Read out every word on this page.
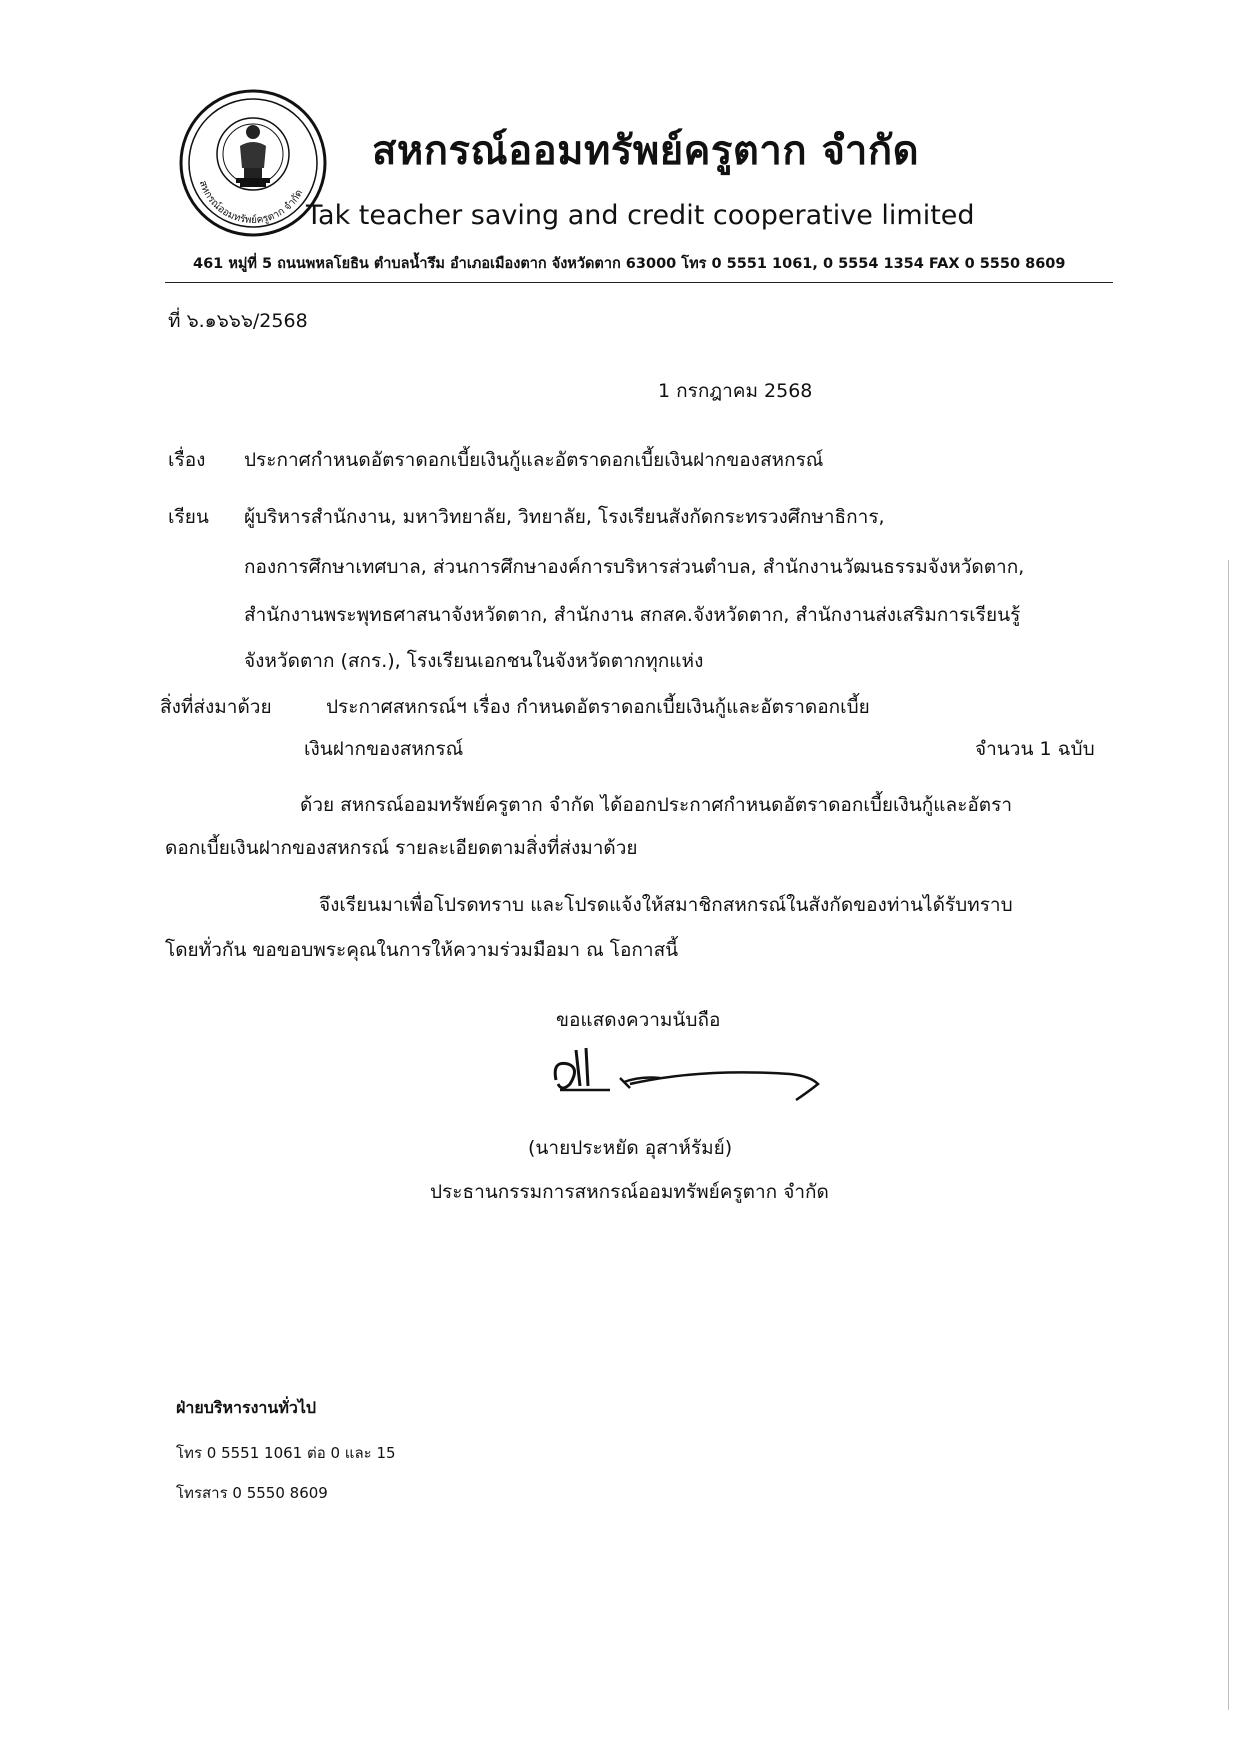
สหกรณ์ออมทรัพย์ครูตาก จำกัด
สหกรณ์ออมทรัพย์ครูตาก จำกัด
Tak teacher saving and credit cooperative limited
461 หมู่ที่ 5 ถนนพหลโยธิน ตำบลน้ำรึม อำเภอเมืองตาก จังหวัดตาก 63000 โทร 0 5551 1061, 0 5554 1354 FAX 0 5550 8609
ที่ ๖.๑๖๖๖/2568
1 กรกฎาคม 2568
เรื่อง ประกาศกำหนดอัตราดอกเบี้ยเงินกู้และอัตราดอกเบี้ยเงินฝากของสหกรณ์
เรียน ผู้บริหารสำนักงาน, มหาวิทยาลัย, วิทยาลัย, โรงเรียนสังกัดกระทรวงศึกษาธิการ,
กองการศึกษาเทศบาล, ส่วนการศึกษาองค์การบริหารส่วนตำบล, สำนักงานวัฒนธรรมจังหวัดตาก,
สำนักงานพระพุทธศาสนาจังหวัดตาก, สำนักงาน สกสค.จังหวัดตาก, สำนักงานส่งเสริมการเรียนรู้
จังหวัดตาก (สกร.), โรงเรียนเอกชนในจังหวัดตากทุกแห่ง
สิ่งที่ส่งมาด้วย	ประกาศสหกรณ์ฯ เรื่อง กำหนดอัตราดอกเบี้ยเงินกู้และอัตราดอกเบี้ย
เงินฝากของสหกรณ์	จำนวน 1 ฉบับ
ด้วย สหกรณ์ออมทรัพย์ครูตาก จำกัด ได้ออกประกาศกำหนดอัตราดอกเบี้ยเงินกู้และอัตรา
ดอกเบี้ยเงินฝากของสหกรณ์ รายละเอียดตามสิ่งที่ส่งมาด้วย
จึงเรียนมาเพื่อโปรดทราบ และโปรดแจ้งให้สมาชิกสหกรณ์ในสังกัดของท่านได้รับทราบ
โดยทั่วกัน ขอขอบพระคุณในการให้ความร่วมมือมา ณ โอกาสนี้
ขอแสดงความนับถือ
(นายประหยัด อุสาห์รัมย์)
ประธานกรรมการสหกรณ์ออมทรัพย์ครูตาก จำกัด
ฝ่ายบริหารงานทั่วไป
โทร 0 5551 1061 ต่อ 0 และ 15
โทรสาร 0 5550 8609
